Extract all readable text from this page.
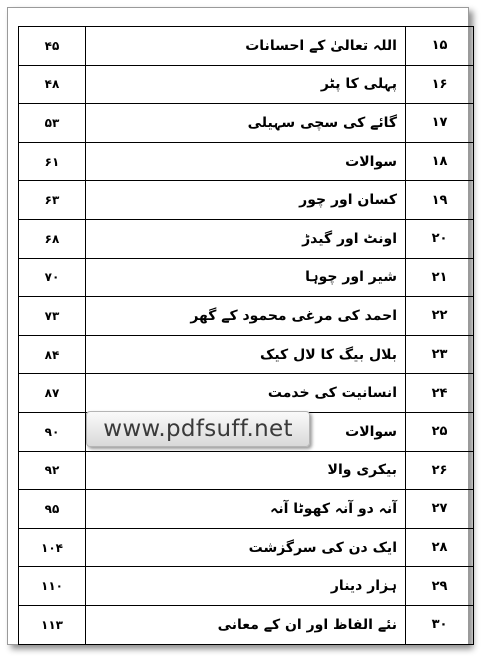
۴۵	اللہ تعالیٰ کے احسانات	۱۵
۴۸	پہلی کا پٹر	۱۶
۵۳	گائے کی سچی سہیلی	۱۷
۶۱	سوالات	۱۸
۶۳	کسان اور چور	۱۹
۶۸	اونٹ اور گیدڑ	۲۰
۷۰	شیر اور چوہا	۲۱
۷۳	احمد کی مرغی محمود کے گھر	۲۲
۸۴	بلال بیگ کا لال کیک	۲۳
۸۷	انسانیت کی خدمت	۲۴
۹۰	سوالات	۲۵
۹۲	بیکری والا	۲۶
۹۵	آنہ دو آنہ کھوٹا آنہ	۲۷
۱۰۴	ایک دن کی سرگزشت	۲۸
۱۱۰	ہزار دینار	۲۹
۱۱۳	نئے الفاظ اور ان کے معانی	۳۰
www.pdfsuff.net
